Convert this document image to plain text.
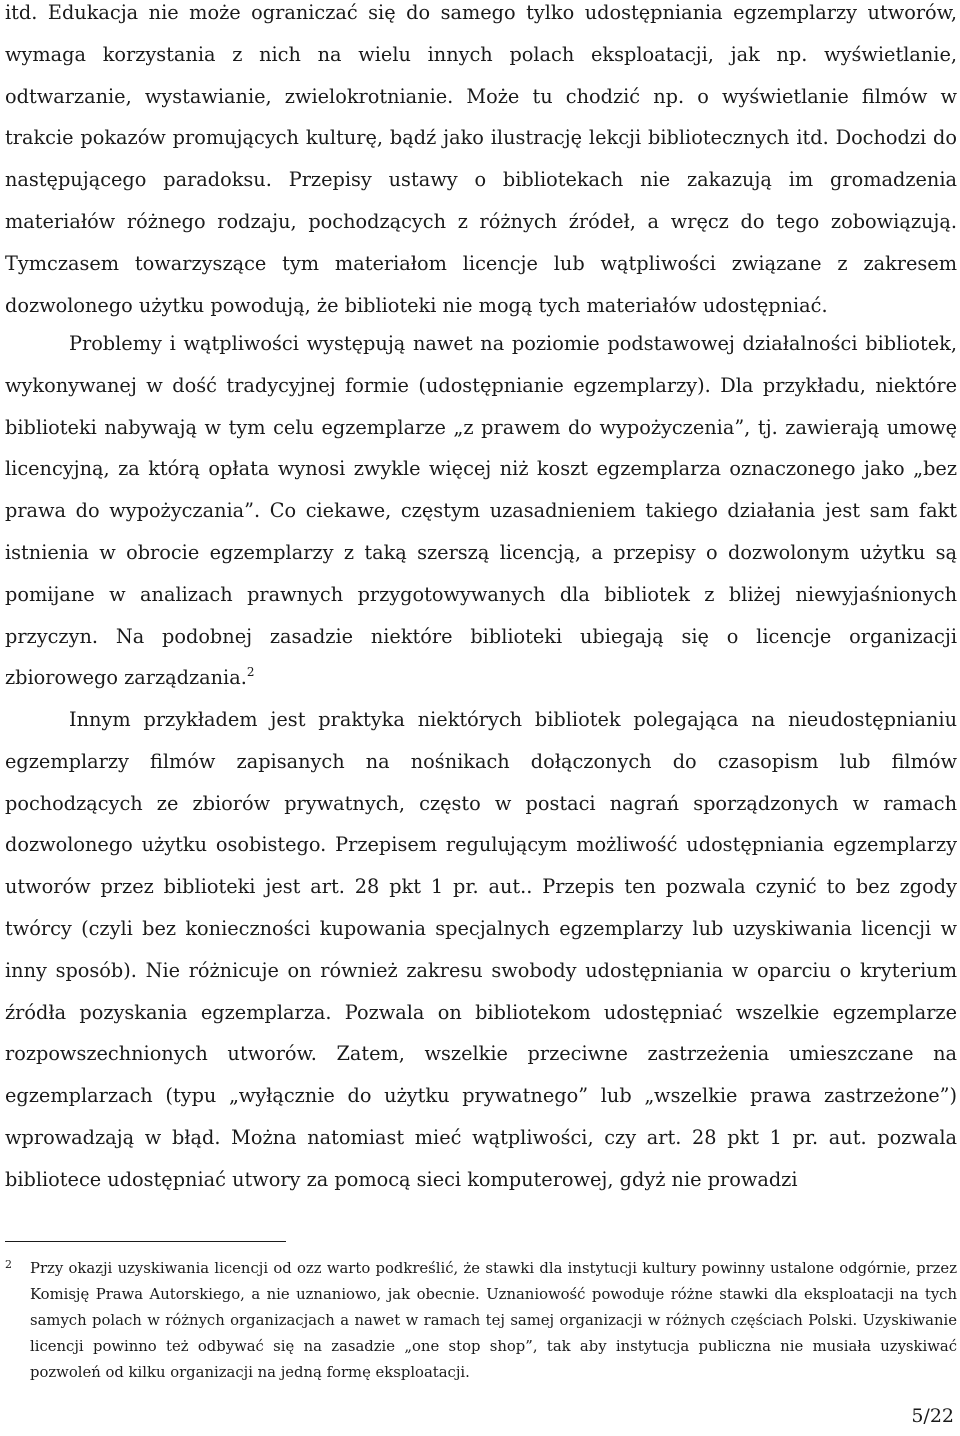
itd. Edukacja nie może ograniczać się do samego tylko udostępniania egzemplarzy utworów, wymaga korzystania z nich na wielu innych polach eksploatacji, jak np. wyświetlanie, odtwarzanie, wystawianie, zwielokrotnianie. Może tu chodzić np. o wyświetlanie filmów w trakcie pokazów promujących kulturę, bądź jako ilustrację lekcji bibliotecznych itd. Dochodzi do następującego paradoksu. Przepisy ustawy o bibliotekach nie zakazują im gromadzenia materiałów różnego rodzaju, pochodzących z różnych źródeł, a wręcz do tego zobowiązują. Tymczasem towarzyszące tym materiałom licencje lub wątpliwości związane z zakresem dozwolonego użytku powodują, że biblioteki nie mogą tych materiałów udostępniać.

Problemy i wątpliwości występują nawet na poziomie podstawowej działalności bibliotek, wykonywanej w dość tradycyjnej formie (udostępnianie egzemplarzy). Dla przykładu, niektóre biblioteki nabywają w tym celu egzemplarze „z prawem do wypożyczenia”, tj. zawierają umowę licencyjną, za którą opłata wynosi zwykle więcej niż koszt egzemplarza oznaczonego jako „bez prawa do wypożyczania”. Co ciekawe, częstym uzasadnieniem takiego działania jest sam fakt istnienia w obrocie egzemplarzy z taką szerszą licencją, a przepisy o dozwolonym użytku są pomijane w analizach prawnych przygotowywanych dla bibliotek z bliżej niewyjaśnionych przyczyn. Na podobnej zasadzie niektóre biblioteki ubiegają się o licencje organizacji zbiorowego zarządzania.$^2$

Innym przykładem jest praktyka niektórych bibliotek polegająca na nieudostępnianiu egzemplarzy filmów zapisanych na nośnikach dołączonych do czasopism lub filmów pochodzących ze zbiorów prywatnych, często w postaci nagrań sporządzonych w ramach dozwolonego użytku osobistego. Przepisem regulującym możliwość udostępniania egzemplarzy utworów przez biblioteki jest art. 28 pkt 1 pr. aut.. Przepis ten pozwala czynić to bez zgody twórcy (czyli bez konieczności kupowania specjalnych egzemplarzy lub uzyskiwania licencji w inny sposób). Nie różnicuje on również zakresu swobody udostępniania w oparciu o kryterium źródła pozyskania egzemplarza. Pozwala on bibliotekom udostępniać wszelkie egzemplarze rozpowszechnionych utworów. Zatem, wszelkie przeciwne zastrzeżenia umieszczane na egzemplarzach (typu „wyłącznie do użytku prywatnego” lub „wszelkie prawa zastrzeżone”) wprowadzają w błąd. Można natomiast mieć wątpliwości, czy art. 28 pkt 1 pr. aut. pozwala bibliotece udostępniać utwory za pomocą sieci komputerowej, gdyż nie prowadzi

2 Przy okazji uzyskiwania licencji od ozz warto podkreślić, że stawki dla instytucji kultury powinny ustalone odgórnie, przez Komisję Prawa Autorskiego, a nie uznaniowo, jak obecnie. Uznaniowość powoduje różne stawki dla eksploatacji na tych samych polach w różnych organizacjach a nawet w ramach tej samej organizacji w różnych częściach Polski. Uzyskiwanie licencji powinno też odbywać się na zasadzie „one stop shop”, tak aby instytucja publiczna nie musiała uzyskiwać pozwoleń od kilku organizacji na jedną formę eksploatacji.
5/22
